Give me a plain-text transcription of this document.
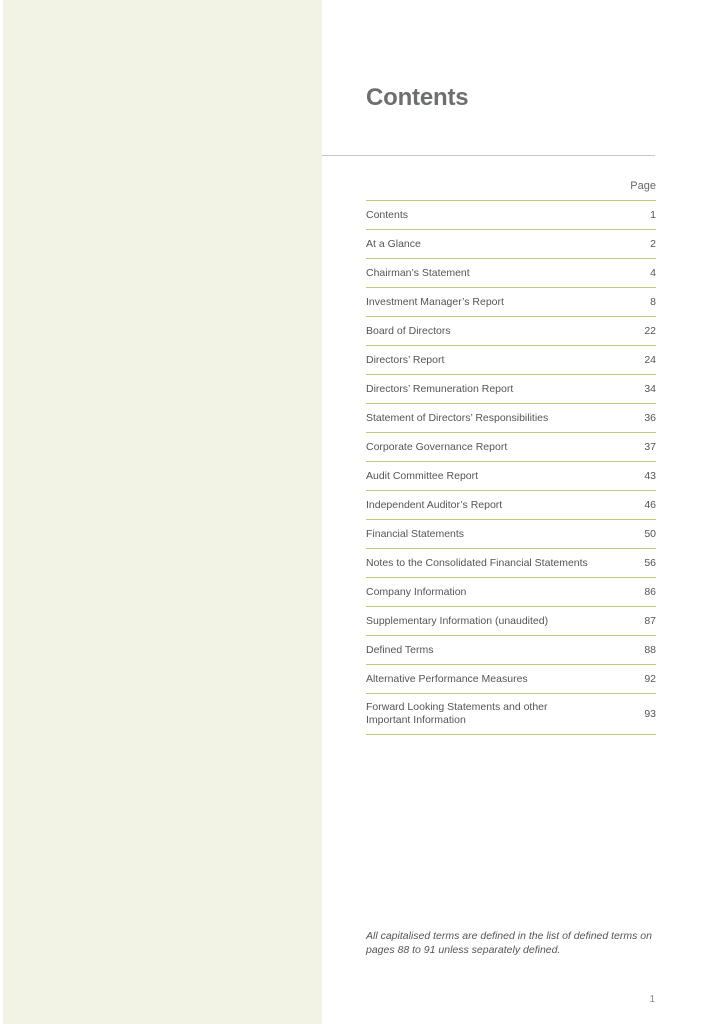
Contents
Page
Contents	1
At a Glance	2
Chairman’s Statement	4
Investment Manager’s Report	8
Board of Directors	22
Directors’ Report	24
Directors’ Remuneration Report	34
Statement of Directors’ Responsibilities	36
Corporate Governance Report	37
Audit Committee Report	43
Independent Auditor’s Report	46
Financial Statements	50
Notes to the Consolidated Financial Statements	56
Company Information	86
Supplementary Information (unaudited)	87
Defined Terms	88
Alternative Performance Measures	92
Forward Looking Statements and other Important Information	93

All capitalised terms are defined in the list of defined terms on pages 88 to 91 unless separately defined.

1
